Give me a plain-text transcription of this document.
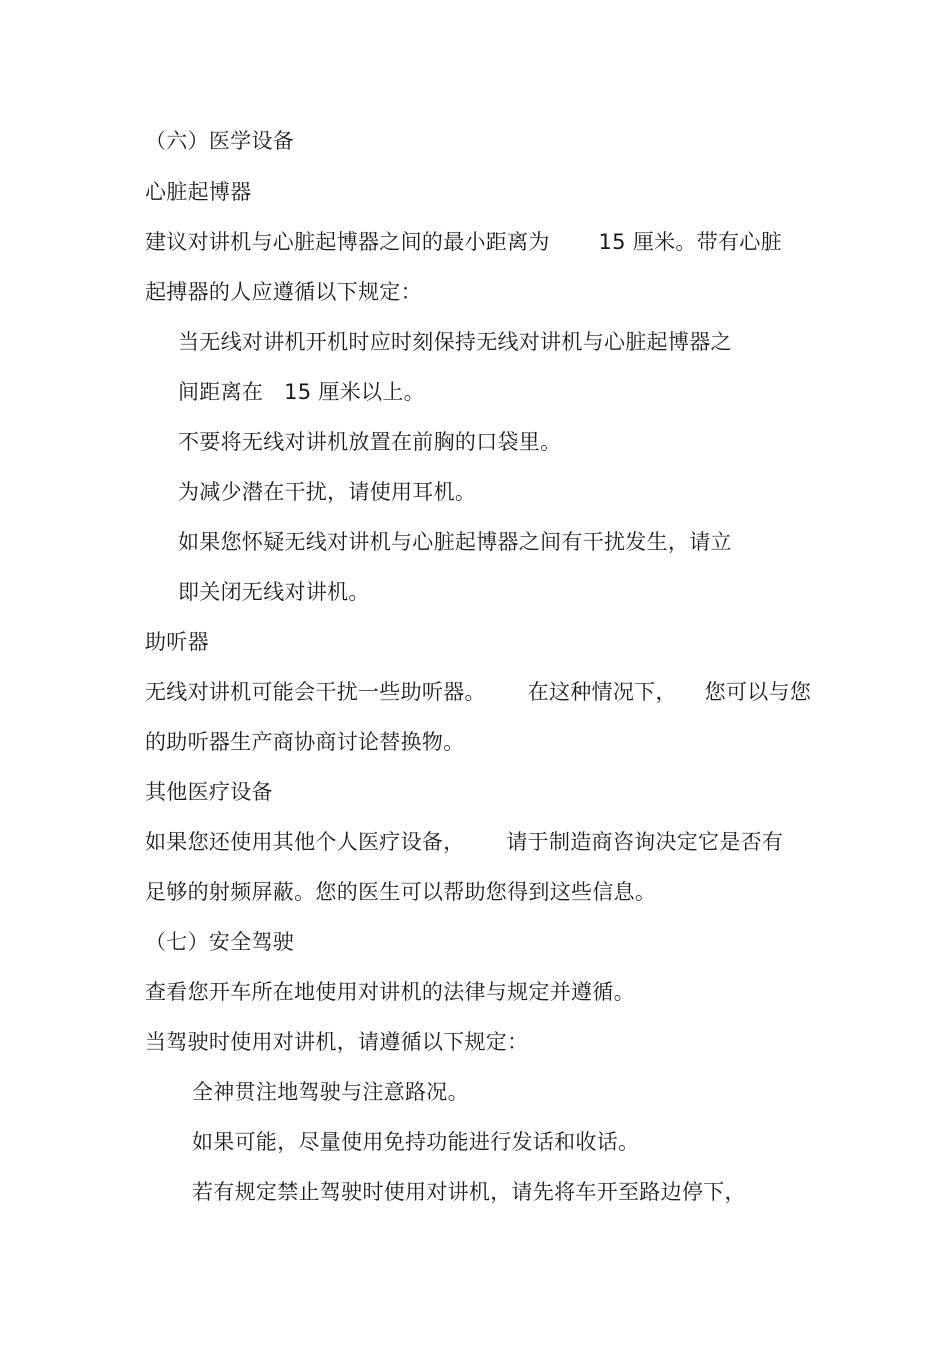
（六）医学设备

心脏起博器

建议对讲机与心脏起博器之间的最小距离为       15 厘米。带有心脏

起搏器的人应遵循以下规定：

当无线对讲机开机时应时刻保持无线对讲机与心脏起博器之

间距离在   15 厘米以上。

不要将无线对讲机放置在前胸的口袋里。

为减少潜在干扰，请使用耳机。

如果您怀疑无线对讲机与心脏起博器之间有干扰发生，请立

即关闭无线对讲机。

助听器

无线对讲机可能会干扰一些助听器。      在这种情况下，    您可以与您

的助听器生产商协商讨论替换物。

其他医疗设备

如果您还使用其他个人医疗设备，      请于制造商咨询决定它是否有

足够的射频屏蔽。您的医生可以帮助您得到这些信息。

（七）安全驾驶

查看您开车所在地使用对讲机的法律与规定并遵循。

当驾驶时使用对讲机，请遵循以下规定：

全神贯注地驾驶与注意路况。

如果可能，尽量使用免持功能进行发话和收话。

若有规定禁止驾驶时使用对讲机，请先将车开至路边停下，
